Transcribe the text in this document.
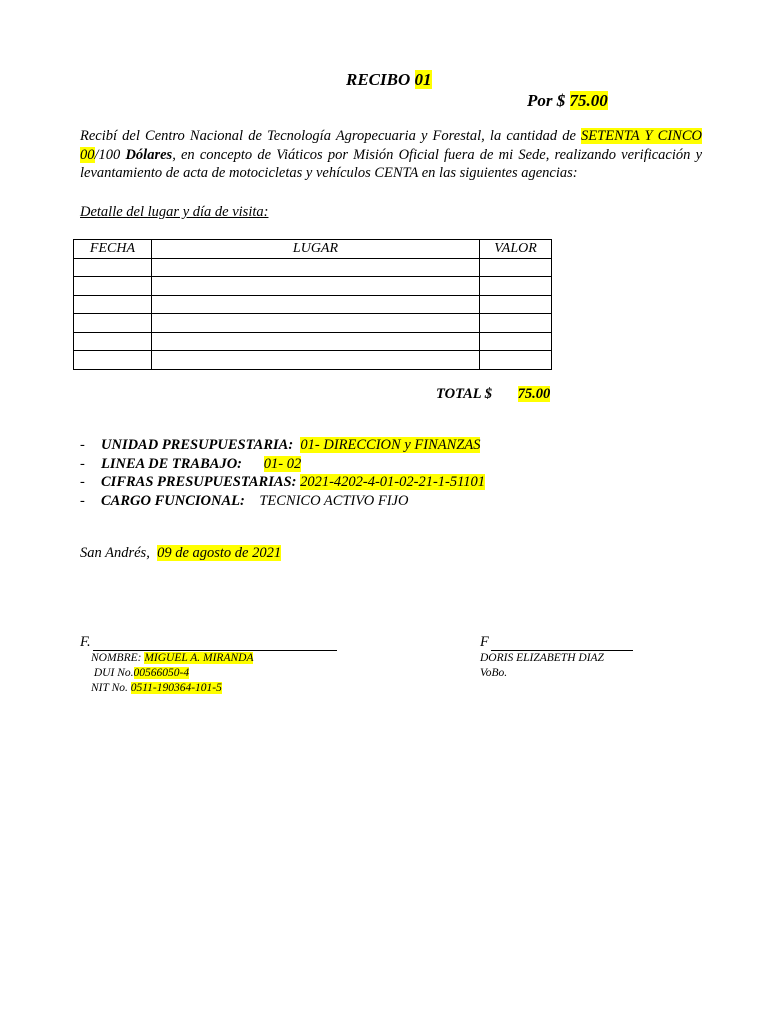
RECIBO 01
Por $ 75.00
Recibí del Centro Nacional de Tecnología Agropecuaria y Forestal, la cantidad de SETENTA Y CINCO 00/100 Dólares, en concepto de Viáticos por Misión Oficial fuera de mi Sede, realizando verificación y levantamiento de acta de motocicletas y vehículos CENTA en las siguientes agencias:
Detalle del lugar y día de visita:
FECHA	LUGAR	VALOR

TOTAL $ 75.00
- UNIDAD PRESUPUESTARIA: 01- DIRECCION y FINANZAS
- LINEA DE TRABAJO: 01- 02
- CIFRAS PRESUPUESTARIAS: 2021-4202-4-01-02-21-1-51101
- CARGO FUNCIONAL: TECNICO ACTIVO FIJO
San Andrés, 09 de agosto de 2021
F.
NOMBRE: MIGUEL A. MIRANDA
DUI No.00566050-4
NIT No. 0511-190364-101-5
F
DORIS ELIZABETH DIAZ
VoBo.
